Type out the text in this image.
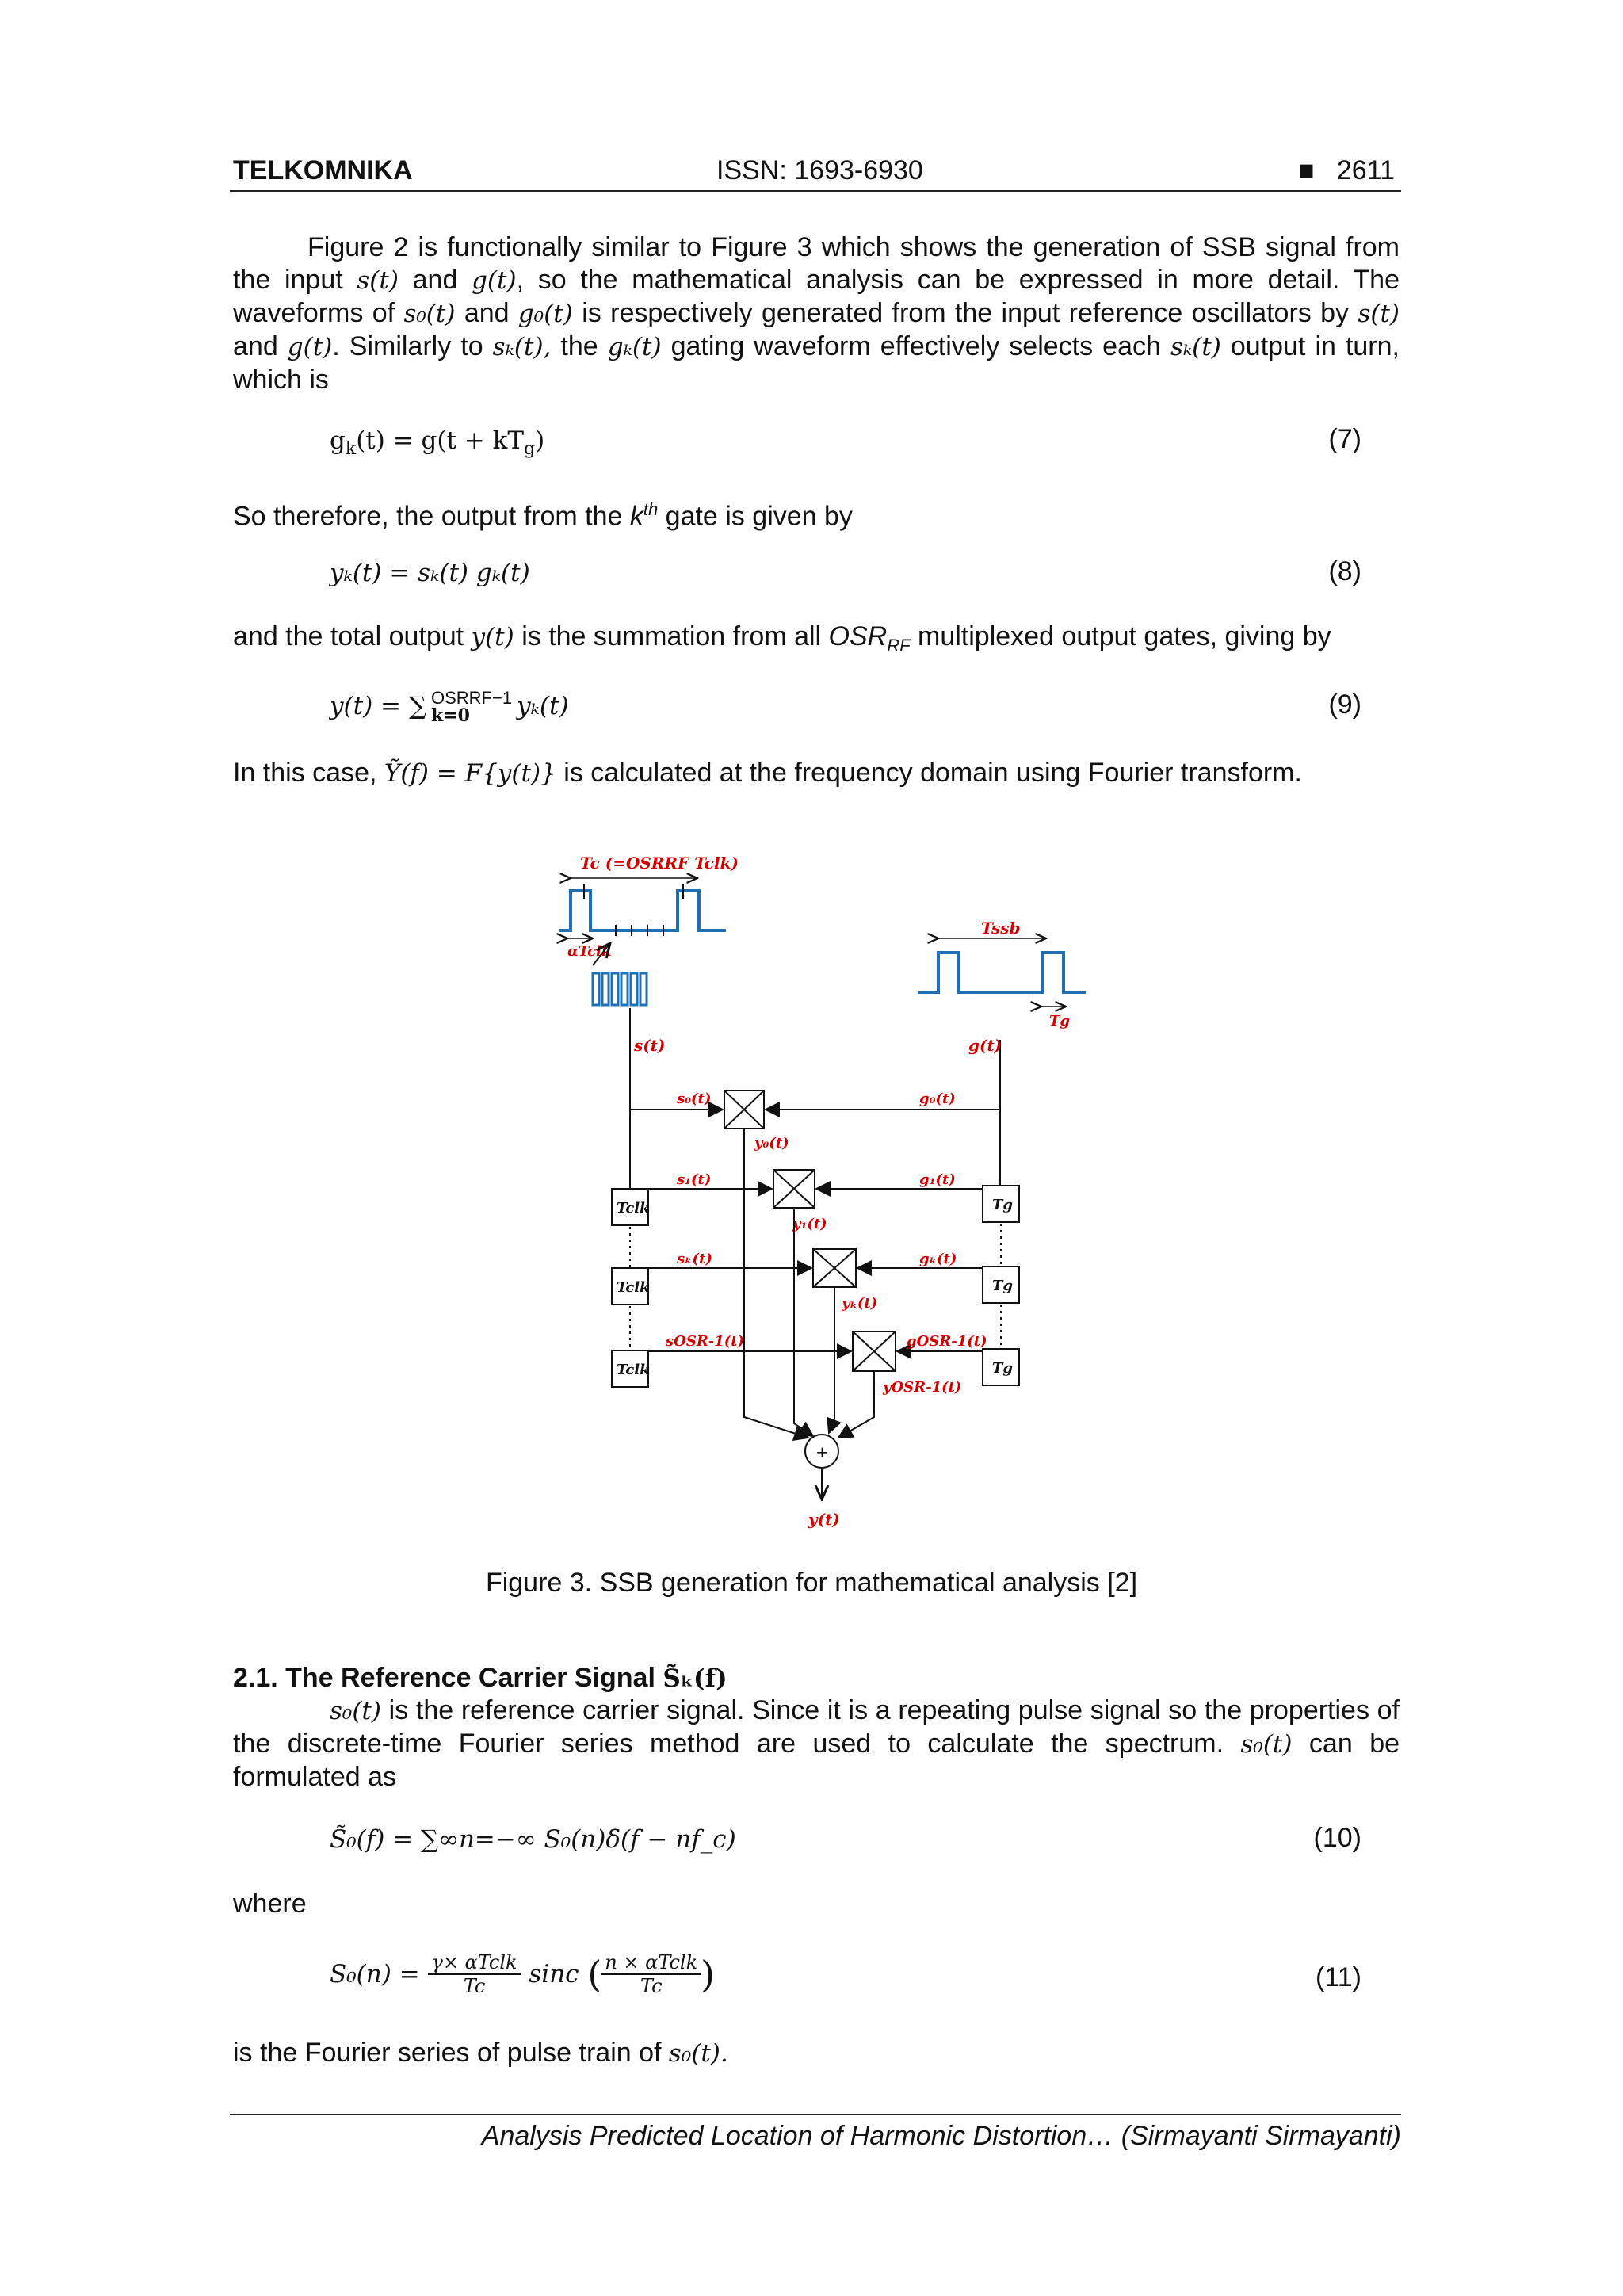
TELKOMNIKA	ISSN: 1693-6930	■ 2611
Figure 2 is functionally similar to Figure 3 which shows the generation of SSB signal from the input s(t) and g(t), so the mathematical analysis can be expressed in more detail. The waveforms of s₀(t) and g₀(t) is respectively generated from the input reference oscillators by s(t) and g(t). Similarly to sₖ(t), the gₖ(t) gating waveform effectively selects each sₖ(t) output in turn, which is
$g_k(t) = g(t + kT_g)$	(7)
So therefore, the output from the $k^{th}$ gate is given by
yₖ(t) = sₖ(t) gₖ(t)	(8)
and the total output y(t) is the summation from all $OSR_{RF}$ multiplexed output gates, giving by
y(t) = ∑ OSRRF−1
k=0	yₖ(t)	(9)
In this case, Ỹ(f) = F{y(t)} is calculated at the frequency domain using Fourier transform.
Tc (=OSRRF Tclk)
αTclk
Tssb
Tg
s(t)	g(t)
s₀(t)	g₀(t)
y₀(t)
Tclk	Tg
s₁(t)	g₁(t)
y₁(t)
Tclk	Tg
sₖ(t)	gₖ(t)
yₖ(t)
Tclk	Tg
sOSR-1(t)	gOSR-1(t)
yOSR-1(t)
+
y(t)
Figure 3. SSB generation for mathematical analysis [2]
2.1. The Reference Carrier Signal S̃ₖ(f)
s₀(t) is the reference carrier signal. Since it is a repeating pulse signal so the properties of the discrete-time Fourier series method are used to calculate the spectrum. s₀(t) can be formulated as
S̃₀(f) = ∑∞n=−∞ S₀(n)δ(f − nf_c)	(10)
where
$S_0(n) = \frac{\text{γ× αTclk}}{Tc}$ sinc ( $\frac{\text{n × αTclk}}{Tc}$ )	(11)
is the Fourier series of pulse train of s₀(t).
Analysis Predicted Location of Harmonic Distortion… (Sirmayanti Sirmayanti)
